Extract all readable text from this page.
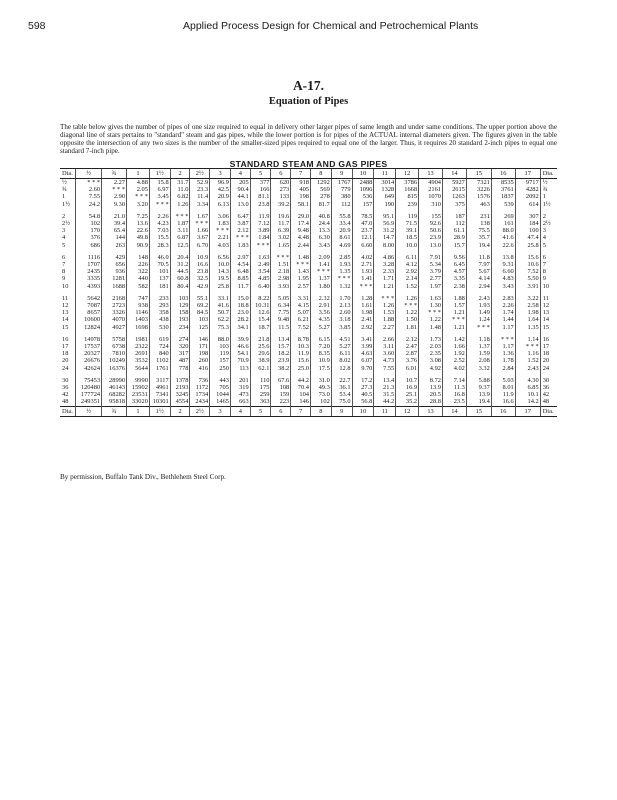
598	Applied Process Design for Chemical and Petrochemical Plants
A-17.
Equation of Pipes
The table below gives the number of pipes of one size required to equal in delivery other larger pipes of same length and under same conditions. The upper portion above the diagonal line of stars pertains to "standard" steam and gas pipes, while the lower portion is for pipes of the ACTUAL internal diameters given. The figures given in the table opposite the intersection of any two sizes is the number of the smaller-sized pipes required to equal one of the larger. Thus, it requires 20 standard 2-inch pipes to equal one standard 7-inch pipe.
STANDARD STEAM AND GAS PIPES
Dia.	½	¾	1	1½	2	2½	3	4	5	6	7	8	9	10	11	12	13	14	15	16	17	Dia.
½	* * *	2.27	4.88	15.8	31.7	52.9	96.9	205	377	620	918	1292	1767	2488	3014	3786	4904	5927	7321	8535	9717	½
¾	2.60	* * *	2.05	6.97	11.0	23.3	42.5	90.4	166	273	405	569	779	1096	1328	1668	2161	2615	3226	3761	4282	¾
1	7.55	2.90	* * *	3.45	6.82	11.4	20.9	44.1	81.1	133	198	278	380	536	649	815	1070	1263	1576	1837	2092	1
1½	24.2	9.30	3.20	* * *	1.26	3.34	6.13	13.0	23.8	39.2	58.1	81.7	112	157	190	239	310	375	463	539	614	1½
2	54.8	21.0	7.25	2.26	* * *	1.67	3.06	6.47	11.9	19.6	29.0	40.8	55.8	78.5	95.1	119	155	187	231	269	307	2
2½	102	39.4	13.6	4.23	1.87	* * *	1.83	3.87	7.12	11.7	17.4	24.4	33.4	47.0	56.9	71.5	92.6	112	138	161	184	2½
3	170	65.4	22.6	7.03	3.11	1.66	* * *	2.12	3.89	6.39	9.48	13.3	20.9	23.7	31.2	39.1	50.6	61.1	75.5	88.0	100	3
4	376	144	49.8	15.5	6.87	3.67	2.21	* * *	1.84	3.02	4.48	6.30	8.61	12.1	14.7	18.5	23.9	28.9	35.7	41.6	47.4	4
5	686	263	90.9	28.3	12.5	6.70	4.03	1.83	* * *	1.65	2.44	3.43	4.69	6.60	8.00	10.0	13.0	15.7	19.4	22.6	25.8	5
6	1116	429	148	46.0	20.4	10.9	6.56	2.97	1.63	* * *	1.48	2.09	2.85	4.02	4.86	6.11	7.91	9.56	11.8	13.8	15.6	6
7	1707	656	226	70.5	31.2	16.6	10.0	4.54	2.49	1.51	* * *	1.41	1.93	2.71	3.28	4.12	5.34	6.45	7.97	9.31	10.6	7
8	2435	936	322	101	44.5	23.8	14.3	6.48	3.54	2.18	1.43	* * *	1.35	1.93	2.33	2.92	3.79	4.57	5.67	6.60	7.52	8
9	3335	1281	440	137	60.8	32.5	19.5	8.85	4.85	2.98	1.95	1.37	* * *	1.41	1.71	2.14	2.77	3.35	4.14	4.83	5.50	9
10	4393	1688	582	181	80.4	42.9	25.8	11.7	6.40	3.93	2.57	1.80	1.32	* * *	1.21	1.52	1.97	2.38	2.94	3.43	3.91	10
11	5642	2168	747	233	103	55.1	33.1	15.0	8.22	5.05	3.31	2.32	1.70	1.28	* * *	1.26	1.63	1.88	2.43	2.83	3.22	11
12	7087	2723	938	293	129	69.2	41.6	18.8	10.31	6.34	4.15	2.91	2.13	1.61	1.26	* * *	1.30	1.57	1.93	2.26	2.58	12
13	8657	3326	1146	358	158	84.5	50.7	23.0	12.6	7.75	5.07	3.56	2.60	1.98	1.53	1.22	* * *	1.21	1.49	1.74	1.98	13
14	10600	4070	1403	438	193	103	62.2	28.2	15.4	9.48	6.21	4.35	3.18	2.41	1.88	1.50	1.22	* * *	1.24	1.44	1.64	14
15	12824	4927	1698	530	234	125	75.3	34.1	18.7	11.5	7.52	5.27	3.85	2.92	2.27	1.81	1.48	1.21	* * *	1.17	1.35	15
16	14978	5758	1981	619	274	146	88.0	39.9	21.8	13.4	8.78	6.15	4.51	3.41	2.66	2.12	1.73	1.42	1.18	* * *	1.14	16
17	17537	6738	2322	724	320	171	103	46.6	25.6	15.7	10.3	7.20	5.27	3.99	3.11	2.47	2.03	1.66	1.37	1.17	* * *	17
18	20327	7810	2691	840	317	198	119	54.1	29.6	18.2	11.9	8.35	6.11	4.63	3.60	2.87	2.35	1.92	1.59	1.36	1.16	18
20	26676	10249	3532	1102	487	260	157	70.9	38.9	23.9	15.6	10.9	8.02	6.07	4.73	3.76	3.08	2.52	2.08	1.78	1.52	20
24	42624	16376	5644	1761	778	416	250	113	62.1	38.2	25.0	17.5	12.8	9.70	7.55	6.01	4.92	4.02	3.32	2.84	2.43	24
30	75453	28990	9990	3117	1378	736	443	201	110	67.6	44.2	31.0	22.7	17.2	13.4	10.7	8.72	7.14	5.88	5.03	4.30	30
36	120480	46143	15902	4961	2193	1172	705	319	175	108	70.4	49.3	36.1	27.3	21.3	16.9	13.9	11.3	9.37	8.01	6.85	36
42	177724	68282	23531	7341	3245	1734	1044	473	259	159	104	73.0	53.4	40.5	31.5	25.1	20.5	16.8	13.9	11.9	10.1	42
48	249351	95818	33020	10301	4554	2434	1465	663	363	223	146	102	75.0	56.8	44.2	35.2	28.8	23.5	19.4	16.6	14.2	48
Dia.	½	¾	1	1½	2	2½	3	4	5	6	7	8	9	10	11	12	13	14	15	16	17	Dia.
By permission, Buffalo Tank Div., Bethlehem Steel Corp.
